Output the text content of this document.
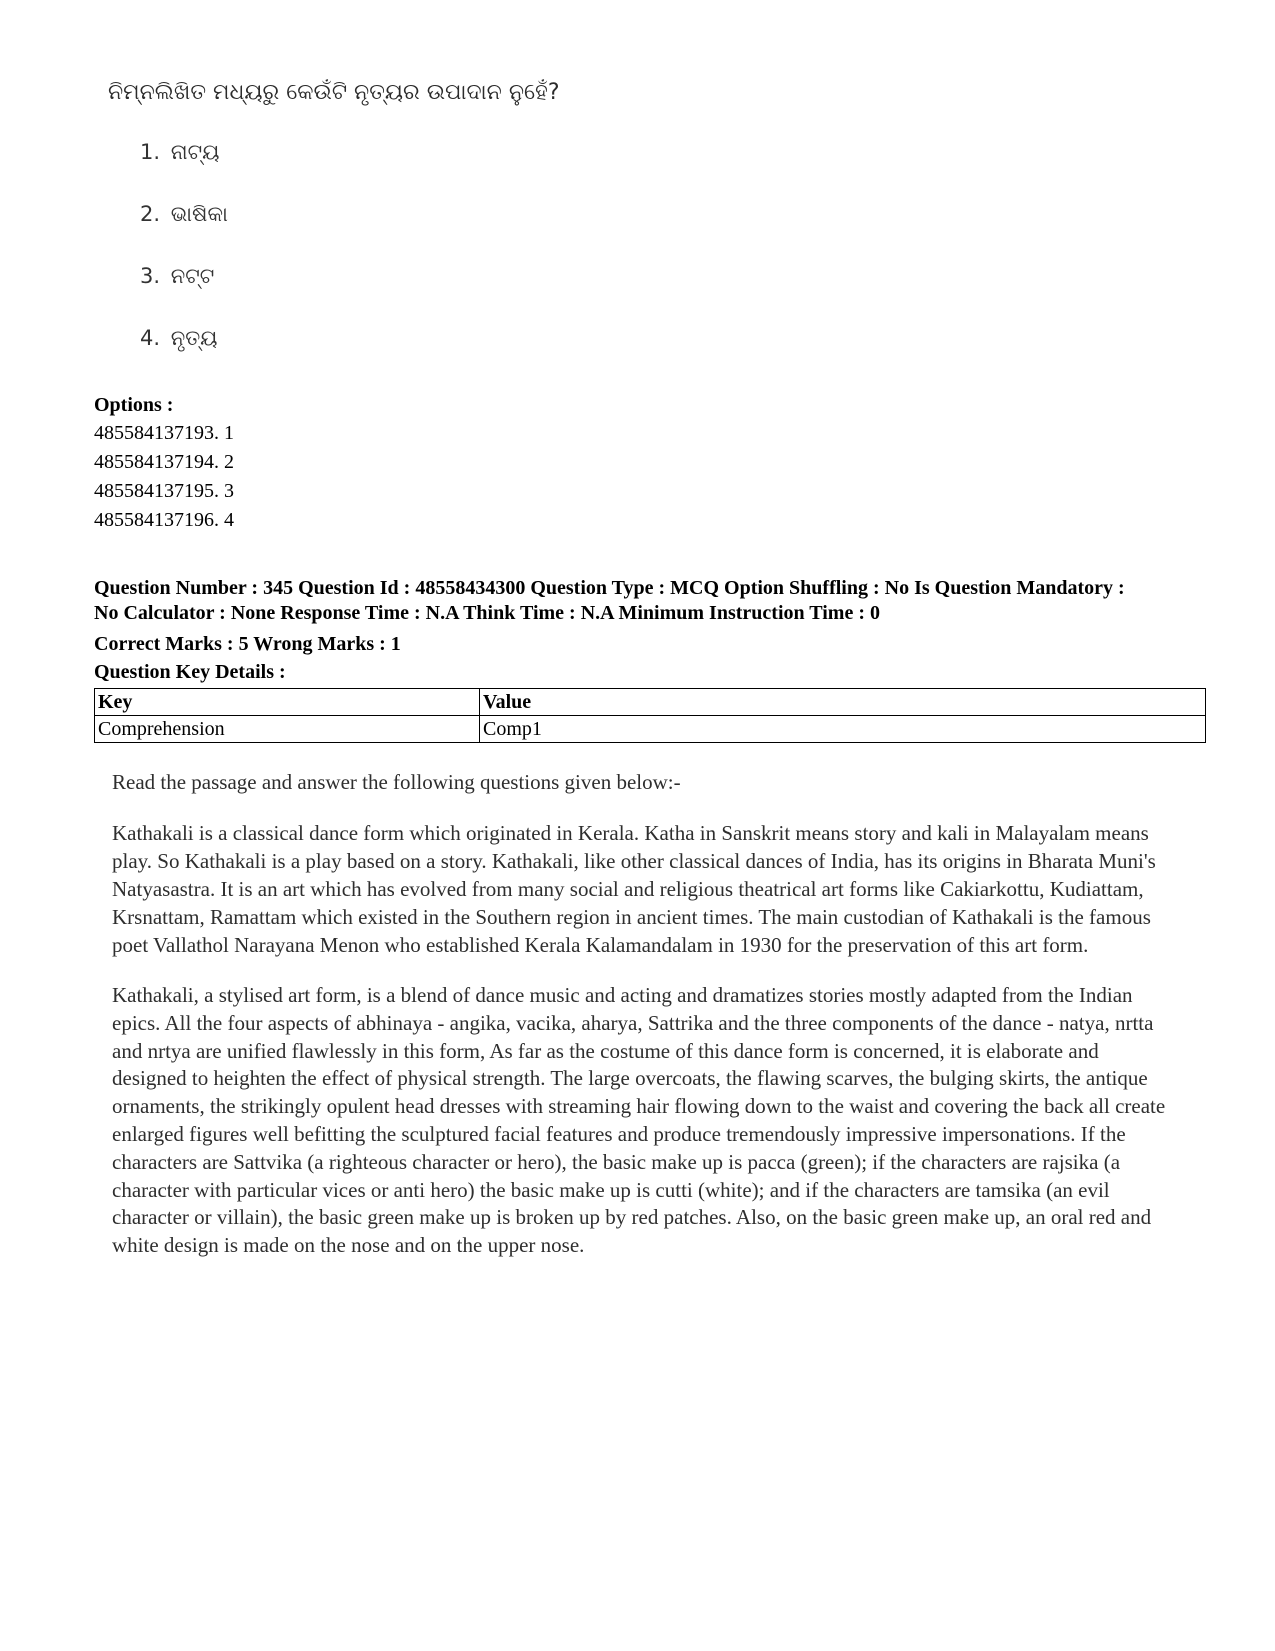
ନିମ୍ନଲିଖିତ ମଧ୍ୟରୁ କେଉଁଟି ନୃତ୍ୟର ଉପାଦାନ ନୁହେଁ?

1. ନାଟ୍ୟ
2. ଭାଷିକା
3. ନଟ୍ଟ
4. ନୃତ୍ୟ

Options :

485584137193. 1

485584137194. 2

485584137195. 3

485584137196. 4

Question Number : 345 Question Id : 48558434300 Question Type : MCQ Option Shuffling : No Is Question Mandatory :

No Calculator : None Response Time : N.A Think Time : N.A Minimum Instruction Time : 0

Correct Marks : 5 Wrong Marks : 1
Question Key Details :
Key	Value
Comprehension	Comp1

Read the passage and answer the following questions given below:-

Kathakali is a classical dance form which originated in Kerala. Katha in Sanskrit means story and kali in Malayalam means play. So Kathakali is a play based on a story. Kathakali, like other classical dances of India, has its origins in Bharata Muni's Natyasastra. It is an art which has evolved from many social and religious theatrical art forms like Cakiarkottu, Kudiattam, Krsnattam, Ramattam which existed in the Southern region in ancient times. The main custodian of Kathakali is the famous poet Vallathol Narayana Menon who established Kerala Kalamandalam in 1930 for the preservation of this art form.

Kathakali, a stylised art form, is a blend of dance music and acting and dramatizes stories mostly adapted from the Indian epics. All the four aspects of abhinaya - angika, vacika, aharya, Sattrika and the three components of the dance - natya, nrtta and nrtya are unified flawlessly in this form, As far as the costume of this dance form is concerned, it is elaborate and designed to heighten the effect of physical strength. The large overcoats, the flawing scarves, the bulging skirts, the antique ornaments, the strikingly opulent head dresses with streaming hair flowing down to the waist and covering the back all create enlarged figures well befitting the sculptured facial features and produce tremendously impressive impersonations. If the characters are Sattvika (a righteous character or hero), the basic make up is pacca (green); if the characters are rajsika (a character with particular vices or anti hero) the basic make up is cutti (white); and if the characters are tamsika (an evil character or villain), the basic green make up is broken up by red patches. Also, on the basic green make up, an oral red and white design is made on the nose and on the upper nose.
